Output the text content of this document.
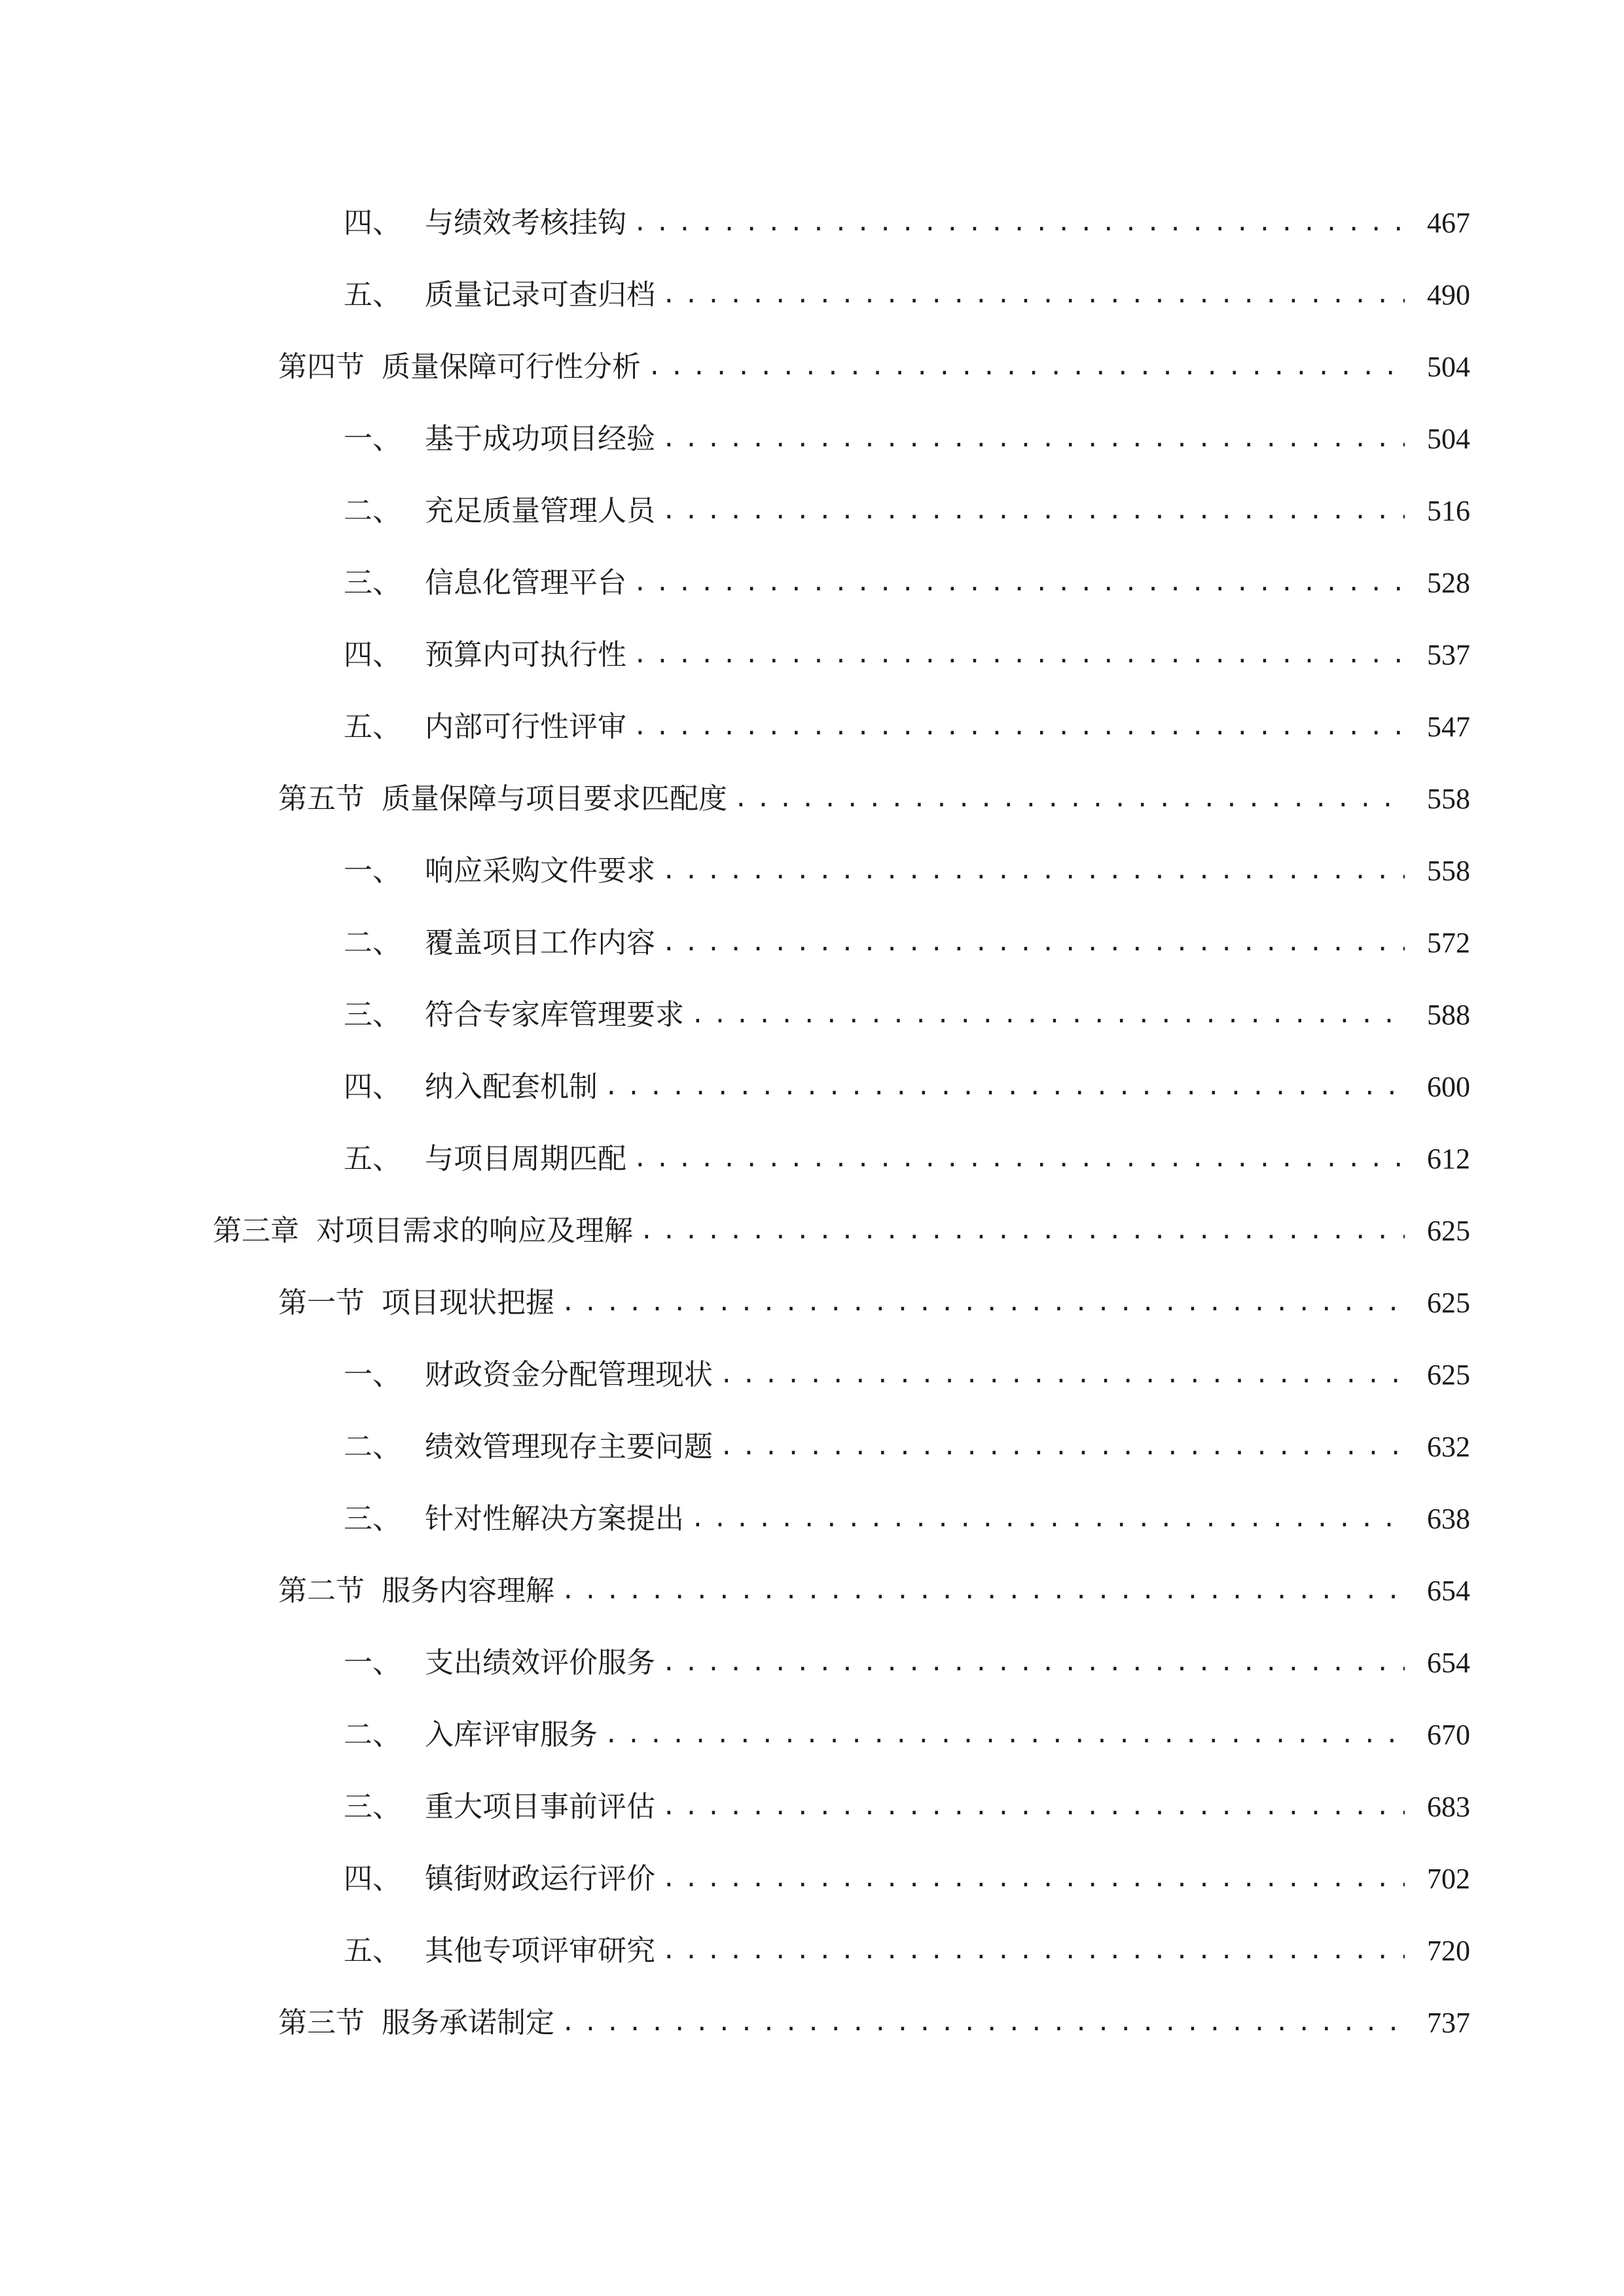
四、 与绩效考核挂钩 .....	467
五、 质量记录可查归档 .....	490
第四节 质量保障可行性分析 .....	504
一、 基于成功项目经验 .....	504
二、 充足质量管理人员 .....	516
三、 信息化管理平台 .....	528
四、 预算内可执行性 .....	537
五、 内部可行性评审 .....	547
第五节 质量保障与项目要求匹配度 .....	558
一、 响应采购文件要求 .....	558
二、 覆盖项目工作内容 .....	572
三、 符合专家库管理要求 .....	588
四、 纳入配套机制 .....	600
五、 与项目周期匹配 .....	612
第三章 对项目需求的响应及理解 .....	625
第一节 项目现状把握 .....	625
一、 财政资金分配管理现状 .....	625
二、 绩效管理现存主要问题 .....	632
三、 针对性解决方案提出 .....	638
第二节 服务内容理解 .....	654
一、 支出绩效评价服务 .....	654
二、 入库评审服务 .....	670
三、 重大项目事前评估 .....	683
四、 镇街财政运行评价 .....	702
五、 其他专项评审研究 .....	720
第三节 服务承诺制定 .....	737
